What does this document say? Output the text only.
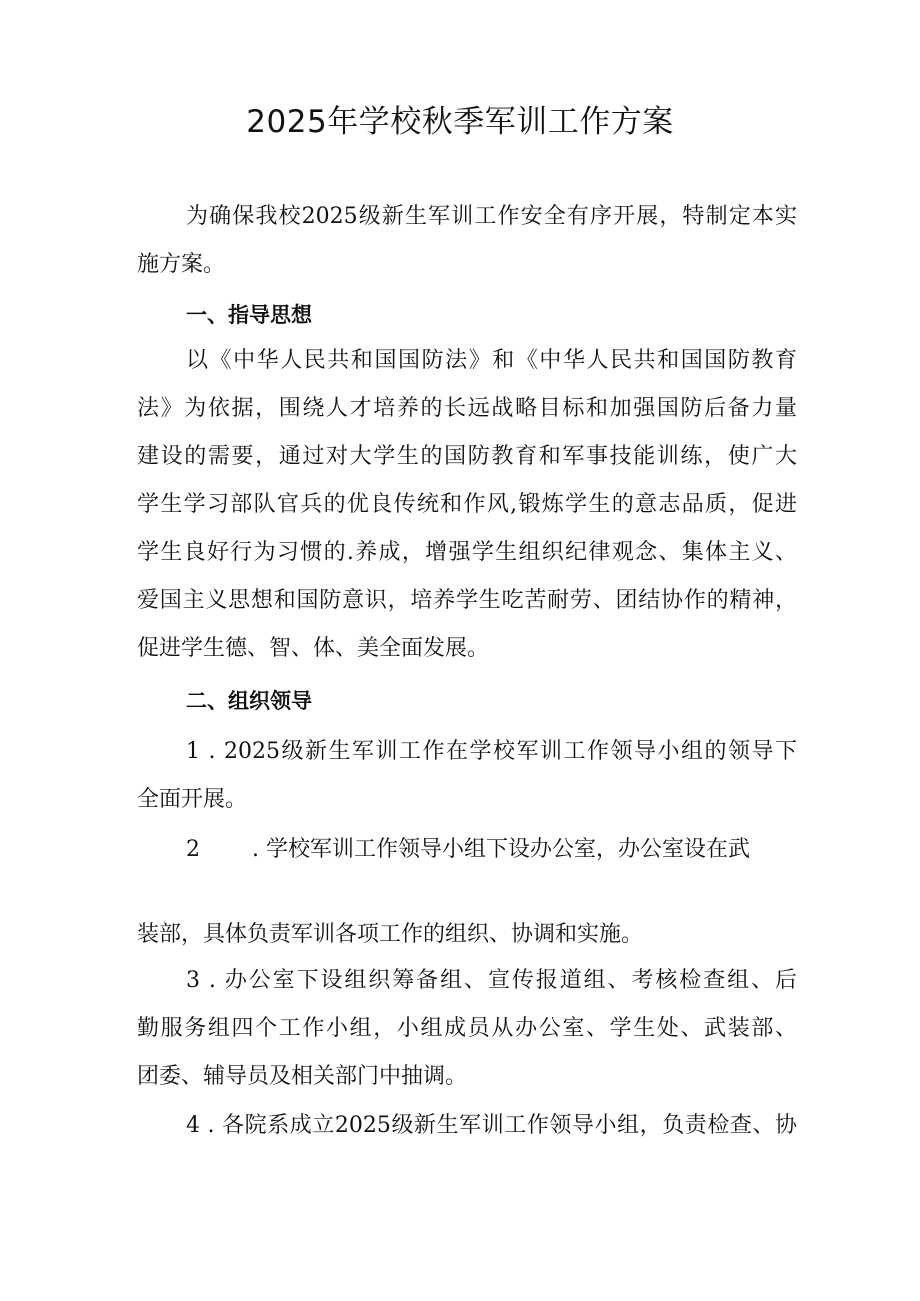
2025年学校秋季军训工作方案

为确保我校2025级新生军训工作安全有序开展，特制定本实
施方案。

一、指导思想

以《中华人民共和国国防法》和《中华人民共和国国防教育
法》为依据，围绕人才培养的长远战略目标和加强国防后备力量
建设的需要，通过对大学生的国防教育和军事技能训练，使广大
学生学习部队官兵的优良传统和作风,锻炼学生的意志品质，促进
学生良好行为习惯的.养成，增强学生组织纪律观念、集体主义、
爱国主义思想和国防意识，培养学生吃苦耐劳、团结协作的精神，
促进学生德、智、体、美全面发展。

二、组织领导

1 . 2025级新生军训工作在学校军训工作领导小组的领导下
全面开展。

2 . 学校军训工作领导小组下设办公室，办公室设在武

装部，具体负责军训各项工作的组织、协调和实施。

3 . 办公室下设组织筹备组、宣传报道组、考核检查组、后
勤服务组四个工作小组，小组成员从办公室、学生处、武装部、
团委、辅导员及相关部门中抽调。

4 . 各院系成立2025级新生军训工作领导小组，负责检查、协
